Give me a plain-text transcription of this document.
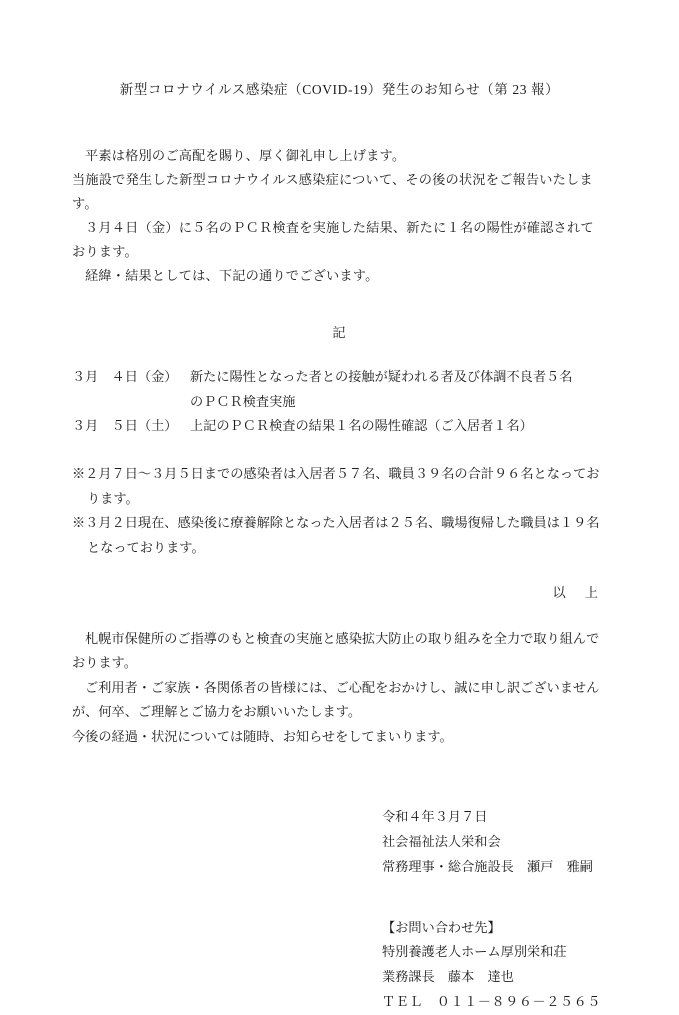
新型コロナウイルス感染症（COVID-19）発生のお知らせ（第 23 報）

平素は格別のご高配を賜り、厚く御礼申し上げます。

当施設で発生した新型コロナウイルス感染症について、その後の状況をご報告いたします。

３月４日（金）に５名のＰＣＲ検査を実施した結果、新たに１名の陽性が確認されております。

経緯・結果としては、下記の通りでございます。

記
３月　４日（金） 新たに陽性となった者との接触が疑われる者及び体調不良者５名
のＰＣＲ検査実施
３月　５日（土） 上記のＰＣＲ検査の結果１名の陽性確認（ご入居者１名）
※２月７日～３月５日までの感染者は入居者５７名、職員３９名の合計９６名となってお
ります。
※３月２日現在、感染後に療養解除となった入居者は２５名、職場復帰した職員は１９名
となっております。
以　上

札幌市保健所のご指導のもと検査の実施と感染拡大防止の取り組みを全力で取り組んでおります。

ご利用者・ご家族・各関係者の皆様には、ご心配をおかけし、誠に申し訳ございませんが、何卒、ご理解とご協力をお願いいたします。

今後の経過・状況については随時、お知らせをしてまいります。

令和４年３月７日
社会福祉法人栄和会
常務理事・総合施設長　瀬戸　雅嗣
【お問い合わせ先】
特別養護老人ホーム厚別栄和荘
業務課長　藤本　達也
ＴＥＬ　０１１－８９６－２５６５
